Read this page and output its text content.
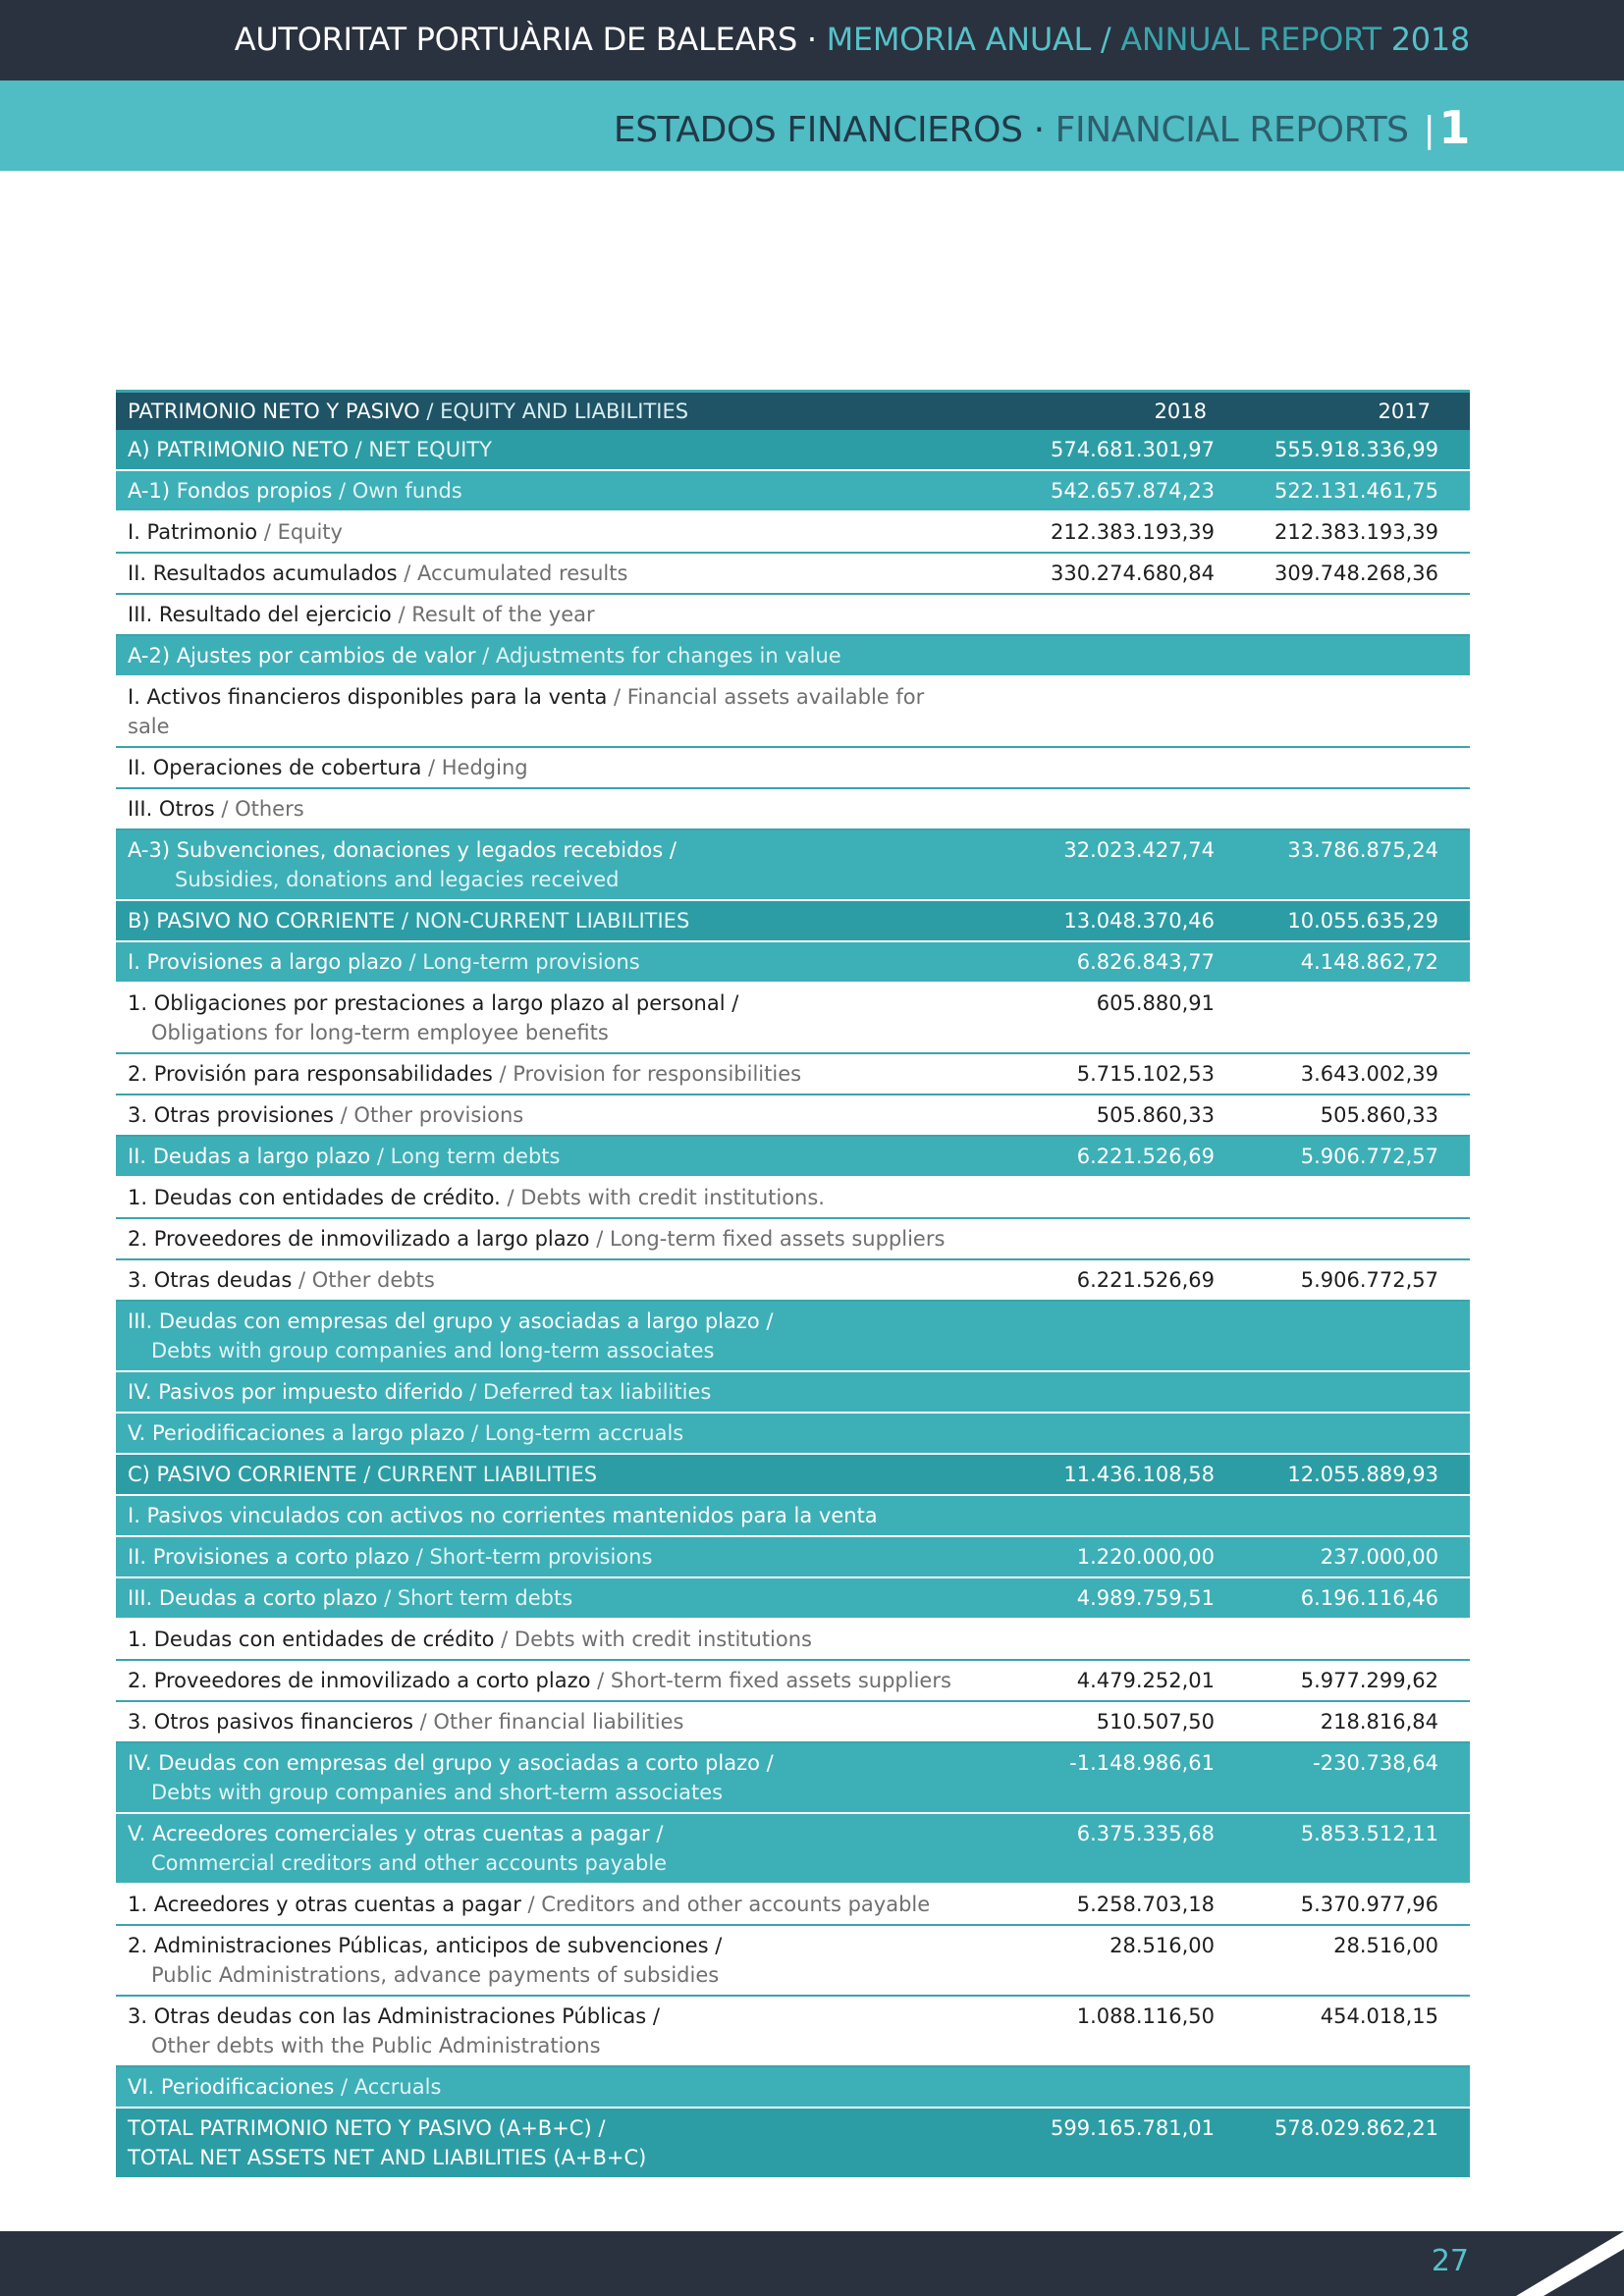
AUTORITAT PORTUÀRIA DE BALEARS · MEMORIA ANUAL / ANNUAL REPORT 2018
ESTADOS FINANCIEROS · FINANCIAL REPORTS |1
PATRIMONIO NETO Y PASIVO / EQUITY AND LIABILITIES	2018	2017
A) PATRIMONIO NETO / NET EQUITY	574.681.301,97	555.918.336,99
A-1) Fondos propios / Own funds	542.657.874,23	522.131.461,75
I. Patrimonio / Equity	212.383.193,39	212.383.193,39
II. Resultados acumulados / Accumulated results	330.274.680,84	309.748.268,36
III. Resultado del ejercicio / Result of the year		
A-2) Ajustes por cambios de valor / Adjustments for changes in value		
I. Activos financieros disponibles para la venta / Financial assets available for sale		
II. Operaciones de cobertura / Hedging		
III. Otros / Others		
A-3) Subvenciones, donaciones y legados recebidos /
Subsidies, donations and legacies received	32.023.427,74	33.786.875,24
B) PASIVO NO CORRIENTE / NON-CURRENT LIABILITIES	13.048.370,46	10.055.635,29
I. Provisiones a largo plazo / Long-term provisions	6.826.843,77	4.148.862,72
1. Obligaciones por prestaciones a largo plazo al personal /
Obligations for long-term employee benefits	605.880,91	
2. Provisión para responsabilidades / Provision for responsibilities	5.715.102,53	3.643.002,39
3. Otras provisiones / Other provisions	505.860,33	505.860,33
II. Deudas a largo plazo / Long term debts	6.221.526,69	5.906.772,57
1. Deudas con entidades de crédito. / Debts with credit institutions.		
2. Proveedores de inmovilizado a largo plazo / Long-term fixed assets suppliers		
3. Otras deudas / Other debts	6.221.526,69	5.906.772,57
III. Deudas con empresas del grupo y asociadas a largo plazo /
Debts with group companies and long-term associates		

IV. Pasivos por impuesto diferido / Deferred tax liabilities		
V. Periodificaciones a largo plazo / Long-term accruals		
C) PASIVO CORRIENTE / CURRENT LIABILITIES	11.436.108,58	12.055.889,93
I. Pasivos vinculados con activos no corrientes mantenidos para la venta		
II. Provisiones a corto plazo / Short-term provisions	1.220.000,00	237.000,00
III. Deudas a corto plazo / Short term debts	4.989.759,51	6.196.116,46
1. Deudas con entidades de crédito / Debts with credit institutions		
2. Proveedores de inmovilizado a corto plazo / Short-term fixed assets suppliers	4.479.252,01	5.977.299,62
3. Otros pasivos financieros / Other financial liabilities	510.507,50	218.816,84
IV. Deudas con empresas del grupo y asociadas a corto plazo /
Debts with group companies and short-term associates	-1.148.986,61	-230.738,64
V. Acreedores comerciales y otras cuentas a pagar /
Commercial creditors and other accounts payable	6.375.335,68	5.853.512,11
1. Acreedores y otras cuentas a pagar / Creditors and other accounts payable	5.258.703,18	5.370.977,96
2. Administraciones Públicas, anticipos de subvenciones /
Public Administrations, advance payments of subsidies	28.516,00	28.516,00
3. Otras deudas con las Administraciones Públicas /
Other debts with the Public Administrations	1.088.116,50	454.018,15
VI. Periodificaciones / Accruals		
TOTAL PATRIMONIO NETO Y PASIVO (A+B+C) /
TOTAL NET ASSETS NET AND LIABILITIES (A+B+C)	599.165.781,01	578.029.862,21
27
